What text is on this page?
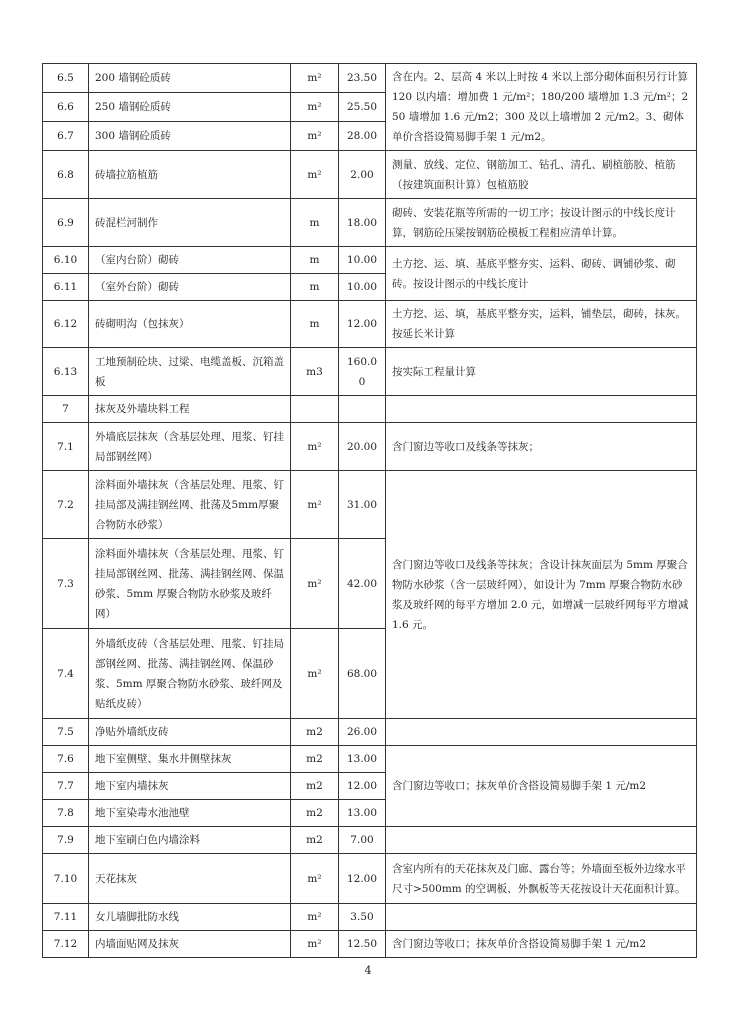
6.5	200 墙钢砼质砖	m²	23.50	含在内。2、层高 4 米以上时按 4 米以上部分砌体面积另行计算 120 以内墙：增加费 1 元/m²；180/200 墙增加 1.3 元/m²；250 墙增加 1.6 元/m2；300 及以上墙增加 2 元/m2。3、砌体单价含搭设简易脚手架 1 元/m2。
6.6	250 墙钢砼质砖	m²	25.50	
6.7	300 墙钢砼质砖	m²	28.00	
6.8	砖墙拉筋植筋	m²	2.00	测量、放线、定位、钢筋加工、钻孔、清孔、刷植筋胶、植筋（按建筑面积计算）包植筋胶
6.9	砖混栏河制作	m	18.00	砌砖、安装花瓶等所需的一切工序；按设计图示的中线长度计算，钢筋砼压梁按钢筋砼模板工程相应清单计算。
6.10	（室内台阶）砌砖	m	10.00	土方挖、运、填、基底平整夯实、运料、砌砖、调铺砂浆、砌砖。按设计图示的中线长度计
6.11	（室外台阶）砌砖	m	10.00	
6.12	砖砌明沟（包抹灰）	m	12.00	土方挖、运、填，基底平整夯实，运料，铺垫层，砌砖，抹灰。按延长米计算
6.13	工地预制砼块、过梁、电缆盖板、沉箱盖板	m3	160.00	按实际工程量计算
7	抹灰及外墙块料工程			
7.1	外墙底层抹灰（含基层处理、甩浆、钉挂局部钢丝网）	m²	20.00	含门窗边等收口及线条等抹灰；
7.2	涂料面外墙抹灰（含基层处理、甩浆、钉挂局部及满挂钢丝网、批荡及5mm厚聚合物防水砂浆）	m²	31.00	含门窗边等收口及线条等抹灰；含设计抹灰面层为 5mm 厚聚合物防水砂浆（含一层玻纤网），如设计为 7mm 厚聚合物防水砂浆及玻纤网的每平方增加 2.0 元，如增减一层玻纤网每平方增减 1.6 元。
7.3	涂料面外墙抹灰（含基层处理、甩浆、钉挂局部钢丝网、批荡、满挂钢丝网、保温砂浆、5mm 厚聚合物防水砂浆及玻纤网）	m²	42.00	
7.4	外墙纸皮砖（含基层处理、甩浆、钉挂局部钢丝网、批荡、满挂钢丝网、保温砂浆、5mm 厚聚合物防水砂浆、玻纤网及贴纸皮砖）	m²	68.00	
7.5	净贴外墙纸皮砖	m2	26.00	
7.6	地下室侧壁、集水井侧壁抹灰	m2	13.00	含门窗边等收口；抹灰单价含搭设简易脚手架 1 元/m2
7.7	地下室内墙抹灰	m2	12.00	
7.8	地下室染毒水池池壁	m2	13.00	
7.9	地下室刷白色内墙涂料	m2	7.00	
7.10	天花抹灰	m²	12.00	含室内所有的天花抹灰及门廊、露台等；外墙面至板外边缘水平尺寸>500mm 的空调板、外飘板等天花按设计天花面积计算。
7.11	女儿墙脚批防水线	m²	3.50	
7.12	内墙面贴网及抹灰	m²	12.50	含门窗边等收口；抹灰单价含搭设简易脚手架 1 元/m2
4
